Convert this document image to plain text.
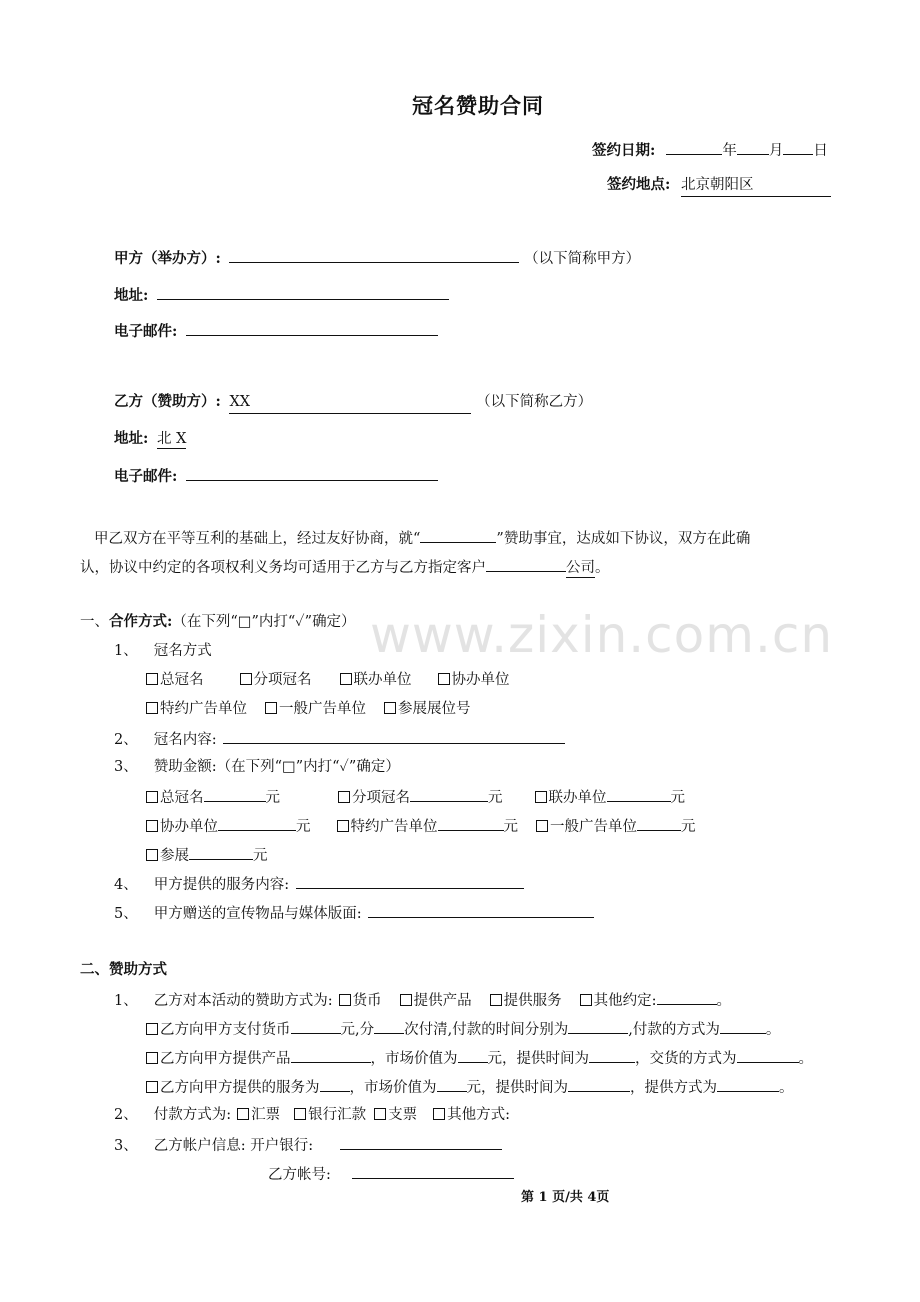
www.zixin.com.cn
冠名赞助合同
签约日期:	年 月 日
签约地点: 北京朝阳区
甲方（举办方）:	（以下简称甲方）
地址:
电子邮件:
乙方（赞助方）: XX	（以下简称乙方）
地址: 北 X
电子邮件:
甲乙双方在平等互利的基础上，经过友好协商，就“	”赞助事宜，达成如下协议，双方在此确
认，协议中约定的各项权利义务均可适用于乙方与乙方指定客户	公司。
一、合作方式:（在下列“□”内打“✓”确定）
1、 冠名方式
总冠名	分项冠名	联办单位	协办单位
特约广告单位 一般广告单位 参展展位号
2、 冠名内容:
3、 赞助金额:（在下列“□”内打“✓”确定）
总冠名	元	分项冠名	元	联办单位	元
协办单位	元	特约广告单位	元 一般广告单位	元
参展	元
4、 甲方提供的服务内容:
5、 甲方赠送的宣传物品与媒体版面:
二、赞助方式
1、 乙方对本活动的赞助方式为: 货币 提供产品 提供服务 其他约定:	。
乙方向甲方支付货币	元,分 次付清,付款的时间分别为	,付款的方式为	。
乙方向甲方提供产品	，市场价值为 元，提供时间为	，交货的方式为	。
乙方向甲方提供的服务为 ，市场价值为 元，提供时间为	，提供方式为	。
2、 付款方式为: 汇票 银行汇款 支票 其他方式:
3、 乙方帐户信息: 开户银行:
乙方帐号:
第 1 页/共 4页
